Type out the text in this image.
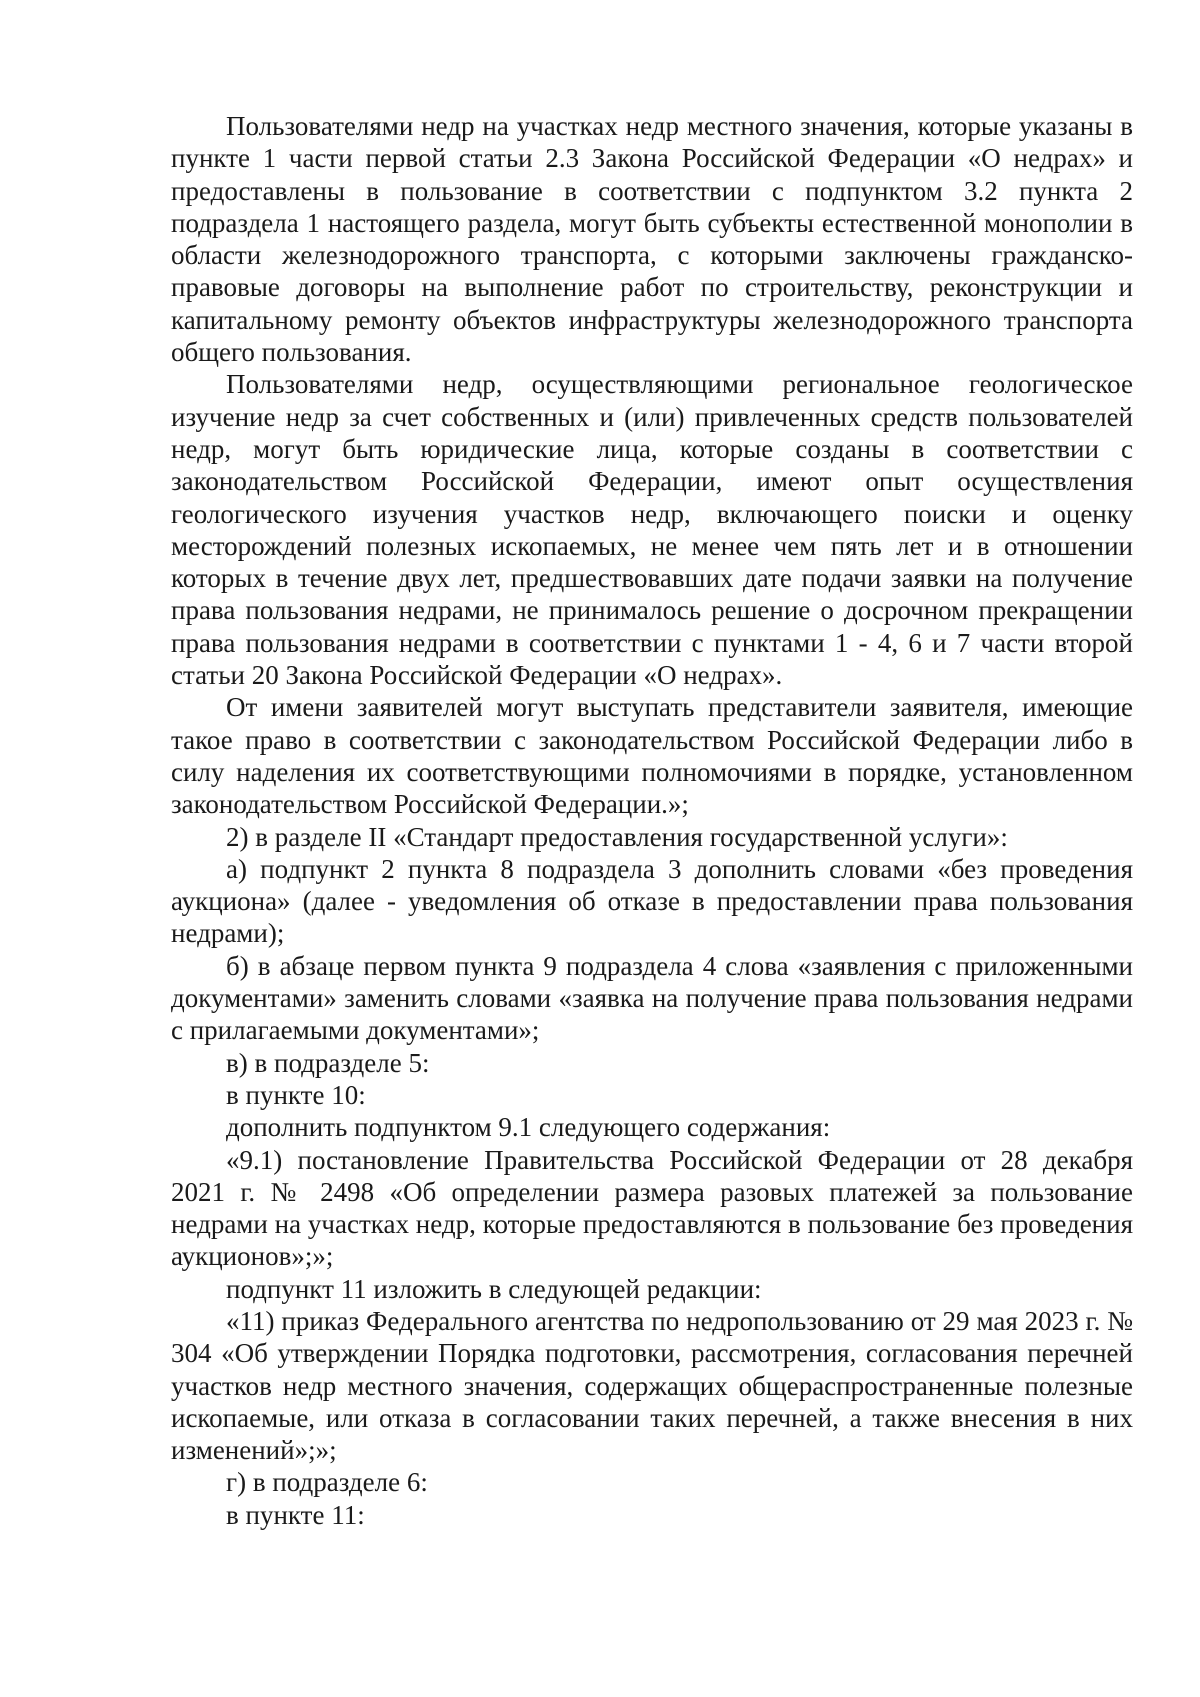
Пользователями недр на участках недр местного значения, которые указаны в пункте 1 части первой статьи 2.3 Закона Российской Федерации «О недрах» и предоставлены в пользование в соответствии с подпунктом 3.2 пункта 2 подраздела 1 настоящего раздела, могут быть субъекты естественной монополии в области железнодорожного транспорта, с которыми заключены гражданско-правовые договоры на выполнение работ по строительству, реконструкции и капитальному ремонту объектов инфраструктуры железнодорожного транспорта общего пользования.

Пользователями недр, осуществляющими региональное геологическое изучение недр за счет собственных и (или) привлеченных средств пользователей недр, могут быть юридические лица, которые созданы в соответствии с законодательством Российской Федерации, имеют опыт осуществления геологического изучения участков недр, включающего поиски и оценку месторождений полезных ископаемых, не менее чем пять лет и в отношении которых в течение двух лет, предшествовавших дате подачи заявки на получение права пользования недрами, не принималось решение о досрочном прекращении права пользования недрами в соответствии с пунктами 1 - 4, 6 и 7 части второй статьи 20 Закона Российской Федерации «О недрах».

От имени заявителей могут выступать представители заявителя, имеющие такое право в соответствии с законодательством Российской Федерации либо в силу наделения их соответствующими полномочиями в порядке, установленном законодательством Российской Федерации.»;

2) в разделе II «Стандарт предоставления государственной услуги»:

а) подпункт 2 пункта 8 подраздела 3 дополнить словами «без проведения аукциона» (далее - уведомления об отказе в предоставлении права пользования недрами);

б) в абзаце первом пункта 9 подраздела 4 слова «заявления с приложенными документами» заменить словами «заявка на получение права пользования недрами с прилагаемыми документами»;

в) в подразделе 5:

в пункте 10:

дополнить подпунктом 9.1 следующего содержания:

«9.1) постановление Правительства Российской Федерации от 28 декабря 2021 г. № 2498 «Об определении размера разовых платежей за пользование недрами на участках недр, которые предоставляются в пользование без проведения аукционов»;»;

подпункт 11 изложить в следующей редакции:

«11) приказ Федерального агентства по недропользованию от 29 мая 2023 г. № 304 «Об утверждении Порядка подготовки, рассмотрения, согласования перечней участков недр местного значения, содержащих общераспространенные полезные ископаемые, или отказа в согласовании таких перечней, а также внесения в них изменений»;»;

г) в подразделе 6:

в пункте 11:
